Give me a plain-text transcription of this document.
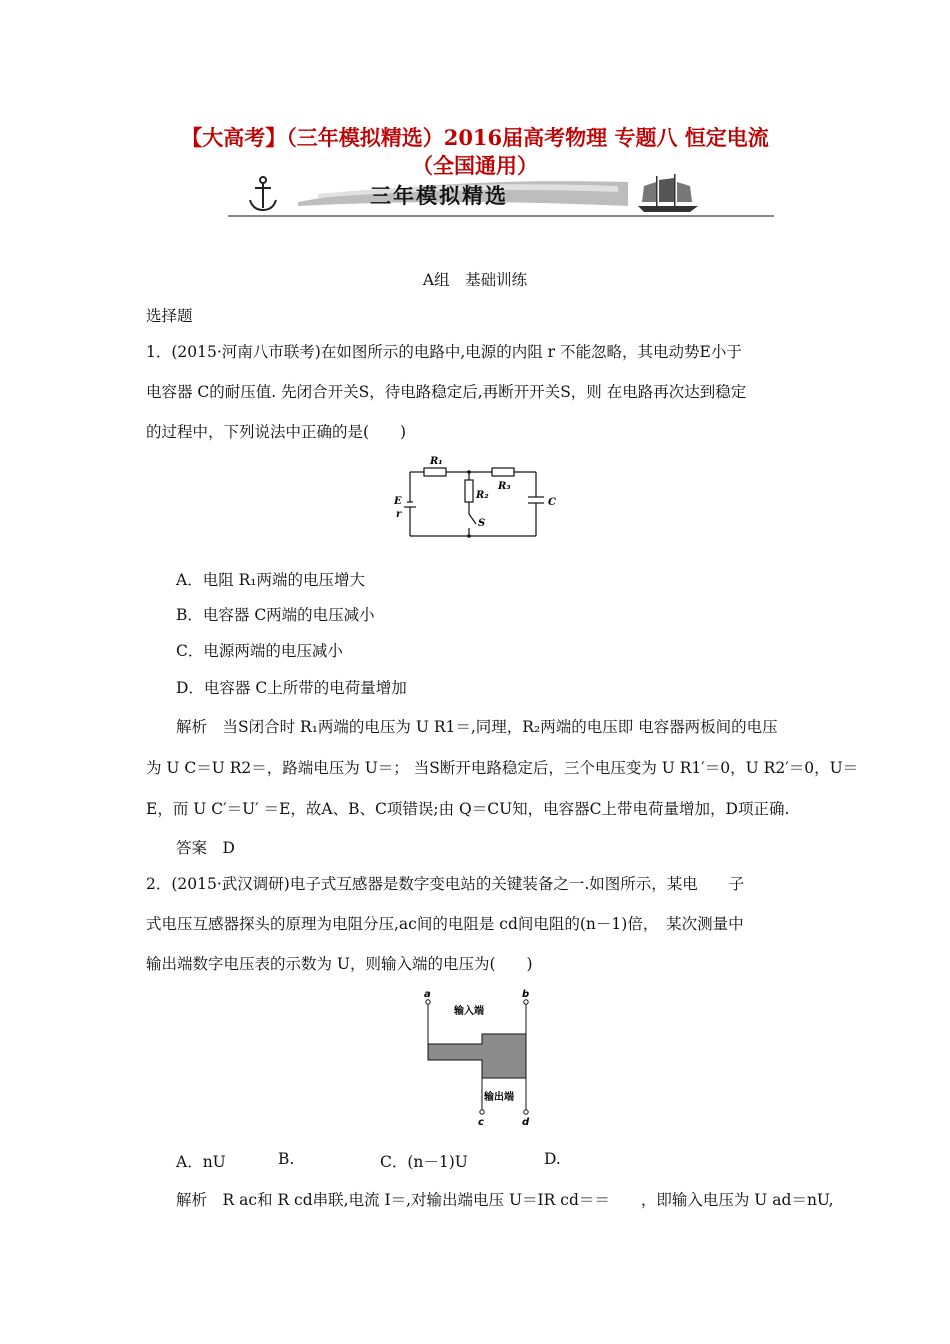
【大高考】（三年模拟精选）2016届高考物理 专题八 恒定电流
（全国通用）
三年模拟精选
A组　基础训练
选择题
1．(2015·河南八市联考)在如图所示的电路中,电源的内阻 r 不能忽略，其电动势E小于
电容器 C的耐压值. 先闭合开关S，待电路稳定后,再断开开关S，则 在电路再次达到稳定
的过程中，下列说法中正确的是(　　)
R₁
R₂
R₃
C
E
r
S
A．电阻 R₁两端的电压增大
B．电容器 C两端的电压减小
C．电源两端的电压减小
D．电容器 C上所带的电荷量增加
解析　当S闭合时 R₁两端的电压为 U R1＝,同理，R₂两端的电压即 电容器两板间的电压
为 U C＝U R2＝，路端电压为 U＝； 当S断开电路稳定后，三个电压变为 U R1′＝0，U R2′＝0，U＝
E，而 U C′＝U′ ＝E，故A、B、C项错误;由 Q＝CU知，电容器C上带电荷量增加，D项正确.
答案　D
2．(2015·武汉调研)电子式互感器是数字变电站的关键装备之一.如图所示，某电　　子
式电压互感器探头的原理为电阻分压,ac间的电阻是 cd间电阻的(n－1)倍，　某次测量中
输出端数字电压表的示数为 U，则输入端的电压为(　　)
a	b
c	d
输入端
输出端
A．nU	B.	C．(n－1)U	D.
解析　R ac和 R cd串联,电流 I＝,对输出端电压 U＝IR cd＝＝　　，即输入电压为 U ad＝nU,
